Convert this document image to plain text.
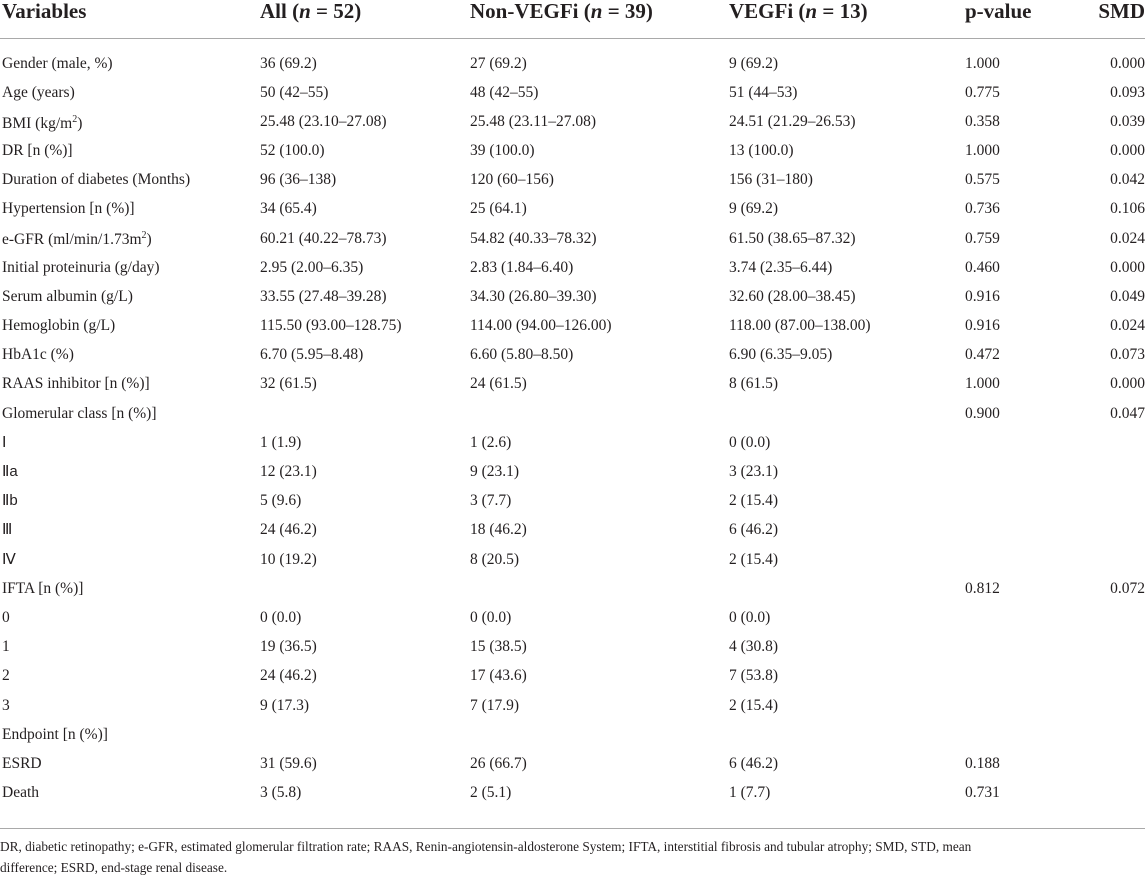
Variables	All (n = 52)	Non-VEGFi (n = 39)	VEGFi (n = 13)	p-value	SMD
Gender (male, %)	36 (69.2)	27 (69.2)	9 (69.2)	1.000	0.000
Age (years)	50 (42–55)	48 (42–55)	51 (44–53)	0.775	0.093
BMI $(kg/m^2)$	25.48 (23.10–27.08)	25.48 (23.11–27.08)	24.51 (21.29–26.53)	0.358	0.039
DR [n (%)]	52 (100.0)	39 (100.0)	13 (100.0)	1.000	0.000
Duration of diabetes (Months)	96 (36–138)	120 (60–156)	156 (31–180)	0.575	0.042
Hypertension [n (%)]	34 (65.4)	25 (64.1)	9 (69.2)	0.736	0.106
e-GFR $(ml/\min/1.73m^2)$	60.21 (40.22–78.73)	54.82 (40.33–78.32)	61.50 (38.65–87.32)	0.759	0.024
Initial proteinuria (g/day)	2.95 (2.00–6.35)	2.83 (1.84–6.40)	3.74 (2.35–6.44)	0.460	0.000
Serum albumin (g/L)	33.55 (27.48–39.28)	34.30 (26.80–39.30)	32.60 (28.00–38.45)	0.916	0.049
Hemoglobin (g/L)	115.50 (93.00–128.75)	114.00 (94.00–126.00)	118.00 (87.00–138.00)	0.916	0.024
HbA1c (%)	6.70 (5.95–8.48)	6.60 (5.80–8.50)	6.90 (6.35–9.05)	0.472	0.073
RAAS inhibitor [n (%)]	32 (61.5)	24 (61.5)	8 (61.5)	1.000	0.000
Glomerular class [n (%)]				0.900	0.047
Ⅰ	1 (1.9)	1 (2.6)	0 (0.0)		
Ⅱa	12 (23.1)	9 (23.1)	3 (23.1)		
Ⅱb	5 (9.6)	3 (7.7)	2 (15.4)		
Ⅲ	24 (46.2)	18 (46.2)	6 (46.2)		
Ⅳ	10 (19.2)	8 (20.5)	2 (15.4)		
IFTA [n (%)]				0.812	0.072
0	0 (0.0)	0 (0.0)	0 (0.0)		
1	19 (36.5)	15 (38.5)	4 (30.8)		
2	24 (46.2)	17 (43.6)	7 (53.8)		
3	9 (17.3)	7 (17.9)	2 (15.4)		
Endpoint [n (%)]					
ESRD	31 (59.6)	26 (66.7)	6 (46.2)	0.188	
Death	3 (5.8)	2 (5.1)	1 (7.7)	0.731	
DR, diabetic retinopathy; e-GFR, estimated glomerular filtration rate; RAAS, Renin-angiotensin-aldosterone System; IFTA, interstitial fibrosis and tubular atrophy; SMD, STD, mean
difference; ESRD, end-stage renal disease.
